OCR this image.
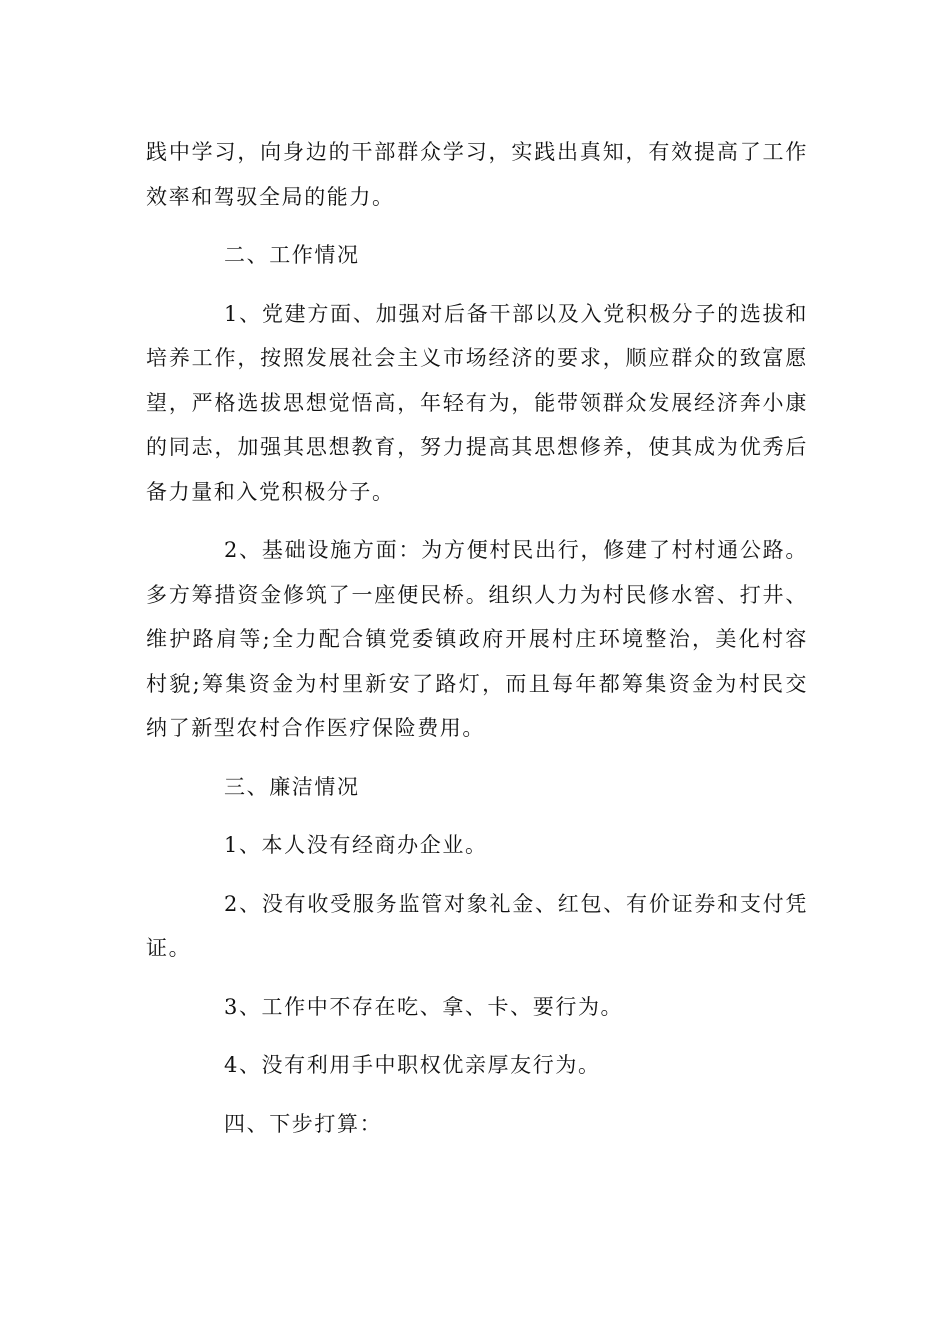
践中学习，向身边的干部群众学习，实践出真知，有效提高了工作效率和驾驭全局的能力。

二、工作情况

1、党建方面、加强对后备干部以及入党积极分子的选拔和培养工作，按照发展社会主义市场经济的要求，顺应群众的致富愿望，严格选拔思想觉悟高，年轻有为，能带领群众发展经济奔小康的同志，加强其思想教育，努力提高其思想修养，使其成为优秀后备力量和入党积极分子。

2、基础设施方面：为方便村民出行，修建了村村通公路。多方筹措资金修筑了一座便民桥。组织人力为村民修水窖、打井、维护路肩等;全力配合镇党委镇政府开展村庄环境整治，美化村容村貌;筹集资金为村里新安了路灯，而且每年都筹集资金为村民交纳了新型农村合作医疗保险费用。

三、廉洁情况

1、本人没有经商办企业。

2、没有收受服务监管对象礼金、红包、有价证券和支付凭证。

3、工作中不存在吃、拿、卡、要行为。

4、没有利用手中职权优亲厚友行为。

四、下步打算：
